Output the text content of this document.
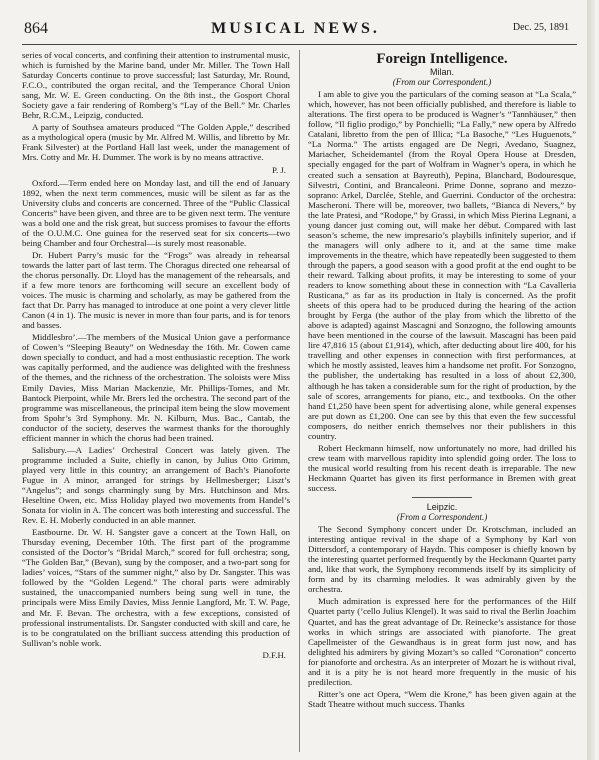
864	MUSICAL NEWS.	Dec. 25, 1891

series of vocal concerts, and confining their attention to instrumental music, which is furnished by the Marine band, under Mr. Miller. The Town Hall Saturday Concerts continue to prove successful; last Saturday, Mr. Round, F.C.O., contributed the organ recital, and the Temperance Choral Union sang, Mr. W. E. Green conducting. On the 8th inst., the Gosport Choral Society gave a fair rendering of Romberg’s “Lay of the Bell.” Mr. Charles Behr, R.C.M., Leipzig, conducted.

A party of Southsea amateurs produced “The Golden Apple,” described as a mythological opera (music by Mr. Alfred M. Willis, and libretto by Mr. Frank Silvester) at the Portland Hall last week, under the management of Mrs. Cotty and Mr. H. Dummer. The work is by no means attractive.

P. J.

Oxford.—Term ended here on Monday last, and till the end of January 1892, when the next term commences, music will be silent as far as the University clubs and concerts are concerned. Three of the “Public Classical Concerts” have been given, and three are to be given next term. The venture was a bold one and the risk great, but success promises to favour the efforts of the O.U.M.C. One guinea for the reserved seat for six concerts—two being Chamber and four Orchestral—is surely most reasonable.

Dr. Hubert Parry’s music for the “Frogs” was already in rehearsal towards the latter part of last term. The Choragus directed one rehearsal of the chorus personally. Dr. Lloyd has the management of the rehearsals, and if a few more tenors are forthcoming will secure an excellent body of voices. The music is charming and scholarly, as may be gathered from the fact that Dr. Parry has managed to introduce at one point a very clever little Canon (4 in 1). The music is never in more than four parts, and is for tenors and basses.

Middlesbro’.—The members of the Musical Union gave a performance of Cowen’s “Sleeping Beauty” on Wednesday the 16th. Mr. Cowen came down specially to conduct, and had a most enthusiastic reception. The work was capitally performed, and the audience was delighted with the freshness of the themes, and the richness of the orchestration. The soloists were Miss Emily Davies, Miss Marian Mackenzie, Mr. Phillips-Tomes, and Mr. Bantock Pierpoint, while Mr. Brers led the orchestra. The second part of the programme was miscellaneous, the principal item being the slow movement from Spohr’s 3rd Symphony. Mr. N. Kilburn, Mus. Bac., Cantab, the conductor of the society, deserves the warmest thanks for the thoroughly efficient manner in which the chorus had been trained.

Salisbury.—A Ladies’ Orchestral Concert was lately given. The programme included a Suite, chiefly in canon, by Julius Otto Grimm, played very little in this country; an arrangement of Bach’s Pianoforte Fugue in A minor, arranged for strings by Hellmesberger; Liszt’s “Angelus”; and songs charmingly sung by Mrs. Hutchinson and Mrs. Heseltine Owen, etc. Miss Holiday played two movements from Handel’s Sonata for violin in A. The concert was both interesting and successful. The Rev. E. H. Moberly conducted in an able manner.

Eastbourne. Dr. W. H. Sangster gave a concert at the Town Hall, on Thursday evening, December 10th. The first part of the programme consisted of the Doctor’s “Bridal March,” scored for full orchestra; song, “The Golden Bar,” (Bevan), sung by the composer, and a two-part song for ladies’ voices, “Stars of the summer night,” also by Dr. Sangster. This was followed by the “Golden Legend.” The choral parts were admirably sustained, the unaccompanied numbers being sung well in tune, the principals were Miss Emily Davies, Miss Jennie Langford, Mr. T. W. Page, and Mr. F. Bevan. The orchestra, with a few exceptions, consisted of professional instrumentalists. Dr. Sangster conducted with skill and care, he is to be congratulated on the brilliant success attending this production of Sullivan’s noble work.

D.F.H.
Foreign Intelligence.
Milan.
(From our Correspondent.)

I am able to give you the particulars of the coming season at “La Scala,” which, however, has not been officially published, and therefore is liable to alterations. The first opera to be produced is Wagner’s “Tannhäuser,” then follow, “Il figlio prodigo,” by Ponchielli; “La Fally,” new opera by Alfredo Catalani, libretto from the pen of Illica; “La Basoche,” “Les Huguenots,” “La Norma.” The artists engaged are De Negri, Avedano, Suagnez, Mariacher, Scheidemantel (from the Royal Opera House at Dresden, specially engaged for the part of Wolfram in Wagner’s opera, in which he created such a sensation at Bayreuth), Pepina, Blanchard, Bodouresque, Silvestri, Contini, and Brancaleoni. Prime Donne, soprano and mezzo-soprano: Arkel, Darclée, Stehle, and Guerrini. Conductor of the orchestra: Mascheroni. There will be, moreover, two ballets, “Bianca di Nevers,” by the late Pratesi, and “Rodope,” by Grassi, in which Miss Pierina Legnani, a young dancer just coming out, will make her début. Compared with last season’s scheme, the new impresario’s playbills infinitely superior, and if the managers will only adhere to it, and at the same time make improvements in the theatre, which have repeatedly been suggested to them through the papers, a good season with a good profit at the end ought to be their reward. Talking about profits, it may be interesting to some of your readers to know something about these in connection with “La Cavalleria Rusticana,” as far as its production in Italy is concerned. As the profit sheets of this opera had to be produced during the hearing of the action brought by Ferga (the author of the play from which the libretto of the above is adapted) against Mascagni and Sonzogno, the following amounts have been mentioned in the course of the lawsuit. Mascagni has been paid lire 47,816 15 (about £1,914), which, after deducting about lire 400, for his travelling and other expenses in connection with first performances, at which he mostly assisted, leaves him a handsome net profit. For Sonzogno, the publisher, the undertaking has resulted in a loss of about £2,300, although he has taken a considerable sum for the right of production, by the sale of scores, arrangements for piano, etc., and textbooks. On the other hand £1,250 have been spent for advertising alone, while general expenses are put down as £1,200. One can see by this that even the few successful composers, do neither enrich themselves nor their publishers in this country.

Robert Heckmann himself, now unfortunately no more, had drilled his crew team with marvellous rapidity into splendid going order. The loss to the musical world resulting from his recent death is irreparable. The new Heckmann Quartet has given its first performance in Bremen with great success.

Leipzic.
(From a Correspondent.)

The Second Symphony concert under Dr. Krotschman, included an interesting antique revival in the shape of a Symphony by Karl von Dittersdorf, a contemporary of Haydn. This composer is chiefly known by the interesting quartet performed frequently by the Heckmann Quartet party and, like that work, the Symphony recommends itself by its simplicity of form and by its charming melodies. It was admirably given by the orchestra.

Much admiration is expressed here for the performances of the Hilf Quartet party (’cello Julius Klengel). It was said to rival the Berlin Joachim Quartet, and has the great advantage of Dr. Reinecke’s assistance for those works in which strings are associated with pianoforte. The great Capellmeister of the Gewandhaus is in great form just now, and has delighted his admirers by giving Mozart’s so called “Coronation” concerto for pianoforte and orchestra. As an interpreter of Mozart he is without rival, and it is a pity he is not heard more frequently in the music of his predilection.

Ritter’s one act Opera, “Wem die Krone,” has been given again at the Stadt Theatre without much success. Thanks
